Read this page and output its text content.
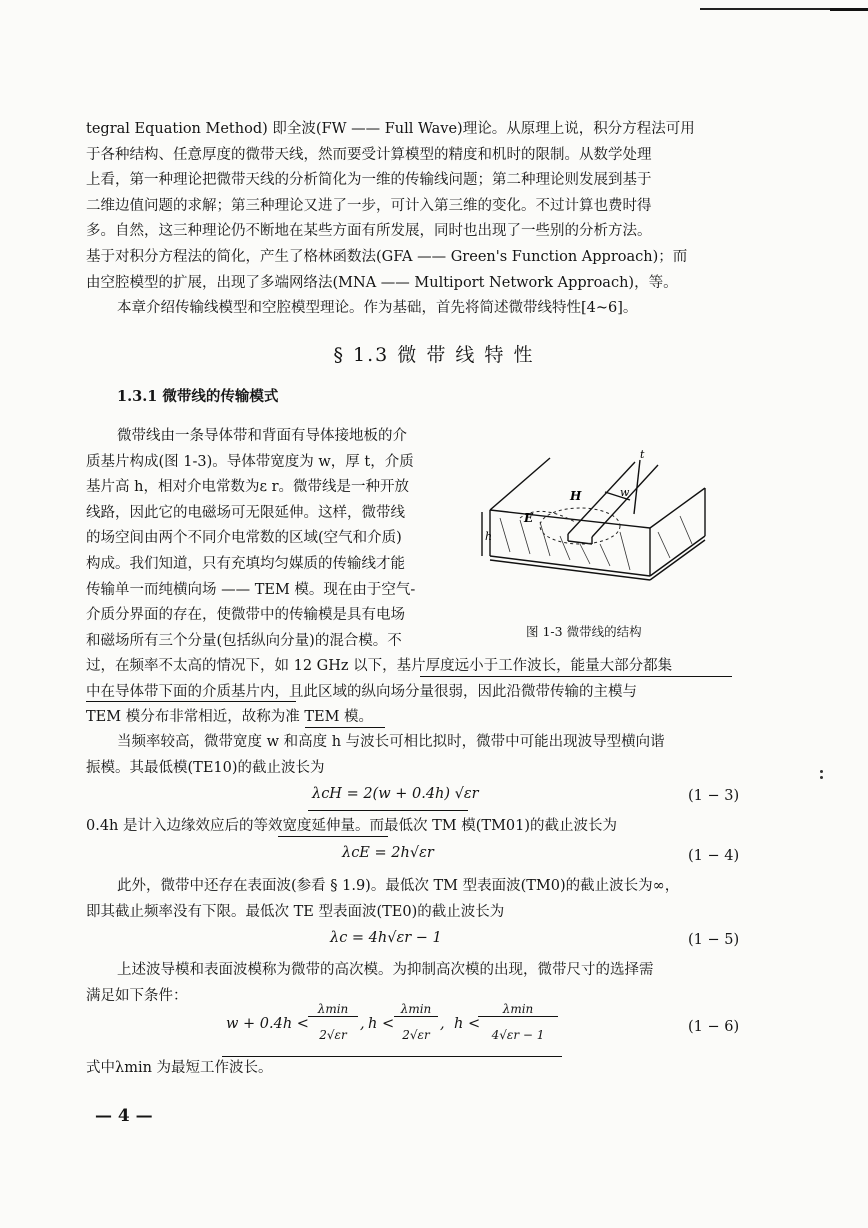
tegral Equation Method) 即全波(FW —— Full Wave)理论。从原理上说，积分方程法可用
于各种结构、任意厚度的微带天线，然而要受计算模型的精度和机时的限制。从数学处理
上看，第一种理论把微带天线的分析简化为一维的传输线问题；第二种理论则发展到基于
二维边值问题的求解；第三种理论又进了一步，可计入第三维的变化。不过计算也费时得
多。自然，这三种理论仍不断地在某些方面有所发展，同时也出现了一些别的分析方法。
基于对积分方程法的简化，产生了格林函数法(GFA —— Green's Function Approach)；而
由空腔模型的扩展，出现了多端网络法(MNA —— Multiport Network Approach)，等。
本章介绍传输线模型和空腔模型理论。作为基础，首先将简述微带线特性[4~6]。
§ 1.3 微 带 线 特 性
1.3.1 微带线的传输模式
微带线由一条导体带和背面有导体接地板的介
质基片构成(图 1-3)。导体带宽度为 w，厚 t，介质
基片高 h，相对介电常数为ε r。微带线是一种开放
线路，因此它的电磁场可无限延伸。这样，微带线
的场空间由两个不同介电常数的区域(空气和介质)
构成。我们知道，只有充填均匀媒质的传输线才能
传输单一而纯横向场 —— TEM 模。现在由于空气-
介质分界面的存在，使微带中的传输模是具有电场
和磁场所有三个分量(包括纵向分量)的混合模。不
t
w
H
E
h
图 1-3 微带线的结构
过，在频率不太高的情况下，如 12 GHz 以下，基片厚度远小于工作波长，能量大部分都集
中在导体带下面的介质基片内，且此区域的纵向场分量很弱，因此沿微带传输的主模与
TEM 模分布非常相近，故称为准 TEM 模。
当频率较高，微带宽度 w 和高度 h 与波长可相比拟时，微带中可能出现波导型横向谐
振模。其最低模(TE10)的截止波长为
λcH = 2(w + 0.4h) √εr	(1 − 3)
0.4h 是计入边缘效应后的等效宽度延伸量。而最低次 TM 模(TM01)的截止波长为
λcE = 2h√εr	(1 − 4)
此外，微带中还存在表面波(参看 § 1.9)。最低次 TM 型表面波(TM0)的截止波长为∞，
即其截止频率没有下限。最低次 TE 型表面波(TE0)的截止波长为
λc = 4h√εr − 1	(1 − 5)
上述波导模和表面波模称为微带的高次模。为抑制高次模的出现，微带尺寸的选择需
满足如下条件：
w + 0.4h <
λmin
2√εr
, h <
λmin
2√εr
, h <
λmin
4√εr − 1	(1 − 6)
式中λmin 为最短工作波长。
— 4 —
